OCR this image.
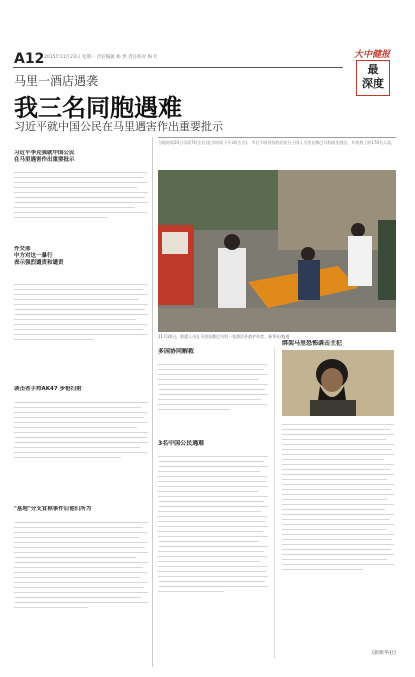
A12 2015年11月23日 星期一 责任编辑 杨 然 责任校对 梅 红	大中健报
最
深度
马里一酒店遇袭
我三名同胞遇难
习近平就中国公民在马里遇害作出重要批示
当地时间20日早晨7时左右(北京时间下午3时左右)，多名不明身份的武装分子闯入马里首都巴马科丽笙酒店，并劫持了约170名人质。
习近平李克强就中国公民
在马里遇害作出重要批示
外交部
中方对这一暴行
表示强烈谴责和谴责
袭击者手持AK47 步枪扫射
"基地"分支宣称事件后他们所为
11月20日，救援人员在马里首都巴马科一家酒店外救护伤者。新华社/路透
多国协同解救
3名中国公民遇难
绑架马里恐怖袭击主犯
(据新华社)
